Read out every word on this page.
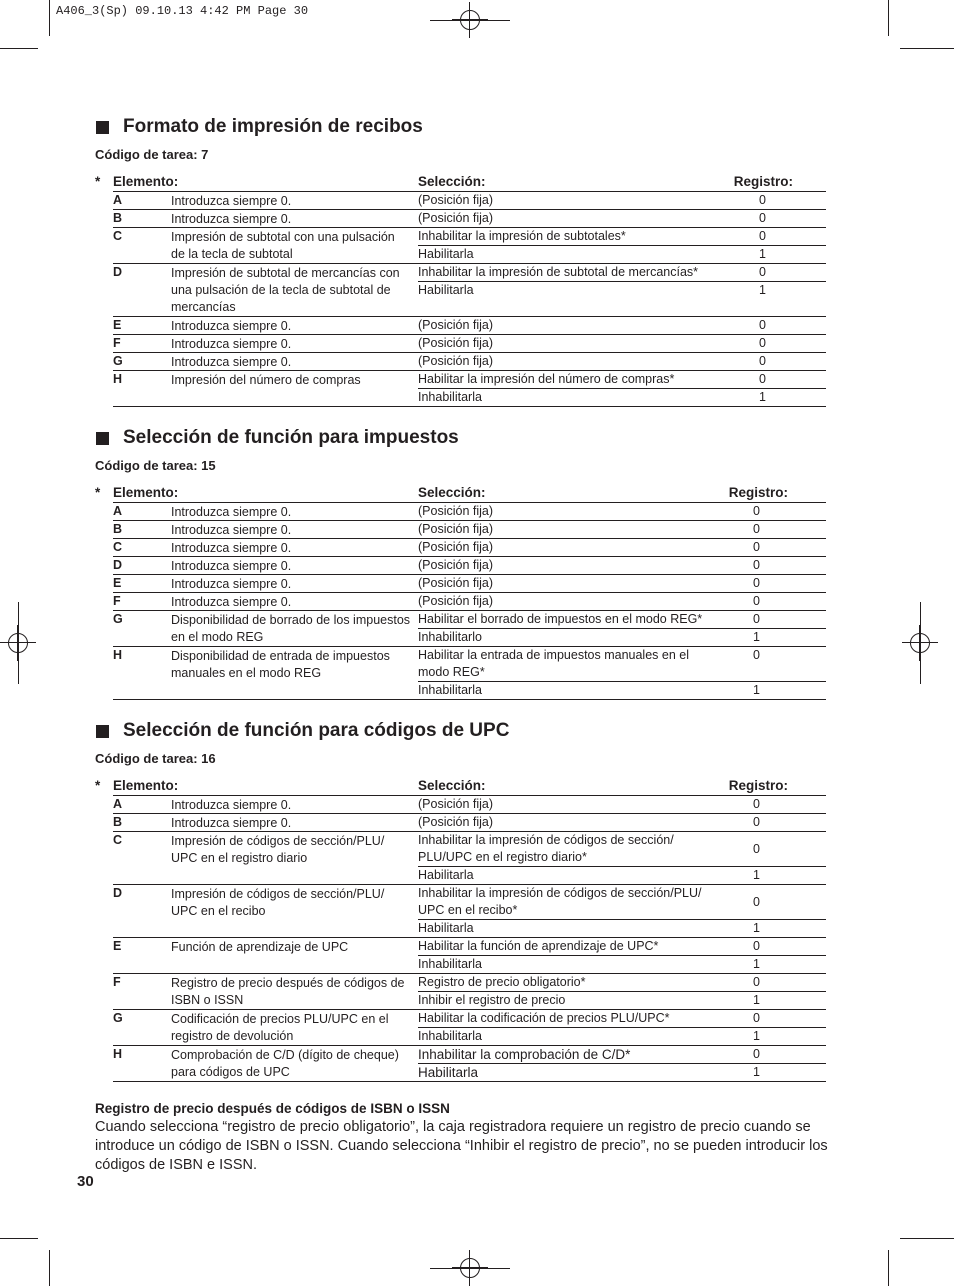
A406_3(Sp) 09.10.13 4:42 PM Page 30
Formato de impresión de recibos
Código de tarea: 7
* Elemento:	Selección:	Registro:
A	Introduzca siempre 0.	(Posición fija)	0
B	Introduzca siempre 0.	(Posición fija)	0
C	Impresión de subtotal con una pulsación de la tecla de subtotal
Inhabilitar la impresión de subtotales*	0
Habilitarla	1
D	Impresión de subtotal de mercancías con una pulsación de la tecla de subtotal de mercancías
Inhabilitar la impresión de subtotal de mercancías*	0
Habilitarla	1
E	Introduzca siempre 0.	(Posición fija)	0
F	Introduzca siempre 0.	(Posición fija)	0
G	Introduzca siempre 0.	(Posición fija)	0
H	Impresión del número de compras	Habilitar la impresión del número de compras*	0
Inhabilitarla	1
Selección de función para impuestos
Código de tarea: 15
* Elemento:	Selección:	Registro:
A	Introduzca siempre 0.	(Posición fija)	0
B	Introduzca siempre 0.	(Posición fija)	0
C	Introduzca siempre 0.	(Posición fija)	0
D	Introduzca siempre 0.	(Posición fija)	0
E	Introduzca siempre 0.	(Posición fija)	0
F	Introduzca siempre 0.	(Posición fija)	0
G	Disponibilidad de borrado de los impuestos en el modo REG
Habilitar el borrado de impuestos en el modo REG*	0
Inhabilitarlo	1
H	Disponibilidad de entrada de impuestos manuales en el modo REG
Habilitar la entrada de impuestos manuales en el modo REG*
0
Inhabilitarla	1
Selección de función para códigos de UPC
Código de tarea: 16
* Elemento:	Selección:	Registro:
A	Introduzca siempre 0.	(Posición fija)	0
B	Introduzca siempre 0.	(Posición fija)	0
C	Impresión de códigos de sección/PLU/ UPC en el registro diario
Inhabilitar la impresión de códigos de sección/ PLU/UPC en el registro diario*
0
Habilitarla	1
D	Impresión de códigos de sección/PLU/ UPC en el recibo
Inhabilitar la impresión de códigos de sección/PLU/ UPC en el recibo*
0
Habilitarla	1
E	Función de aprendizaje de UPC	Habilitar la función de aprendizaje de UPC*	0
Inhabilitarla	1
F	Registro de precio después de códigos de ISBN o ISSN
Registro de precio obligatorio*	0
Inhibir el registro de precio	1
G	Codificación de precios PLU/UPC en el registro de devolución
Habilitar la codificación de precios PLU/UPC*	0
Inhabilitarla	1
H	Comprobación de C/D (dígito de cheque) para códigos de UPC
Inhabilitar la comprobación de C/D*	0
Habilitarla	1
Registro de precio después de códigos de ISBN o ISSN
Cuando selecciona “registro de precio obligatorio”, la caja registradora requiere un registro de precio cuando se introduce un código de ISBN o ISSN. Cuando selecciona “Inhibir el registro de precio”, no se pueden introducir los códigos de ISBN e ISSN.
30
